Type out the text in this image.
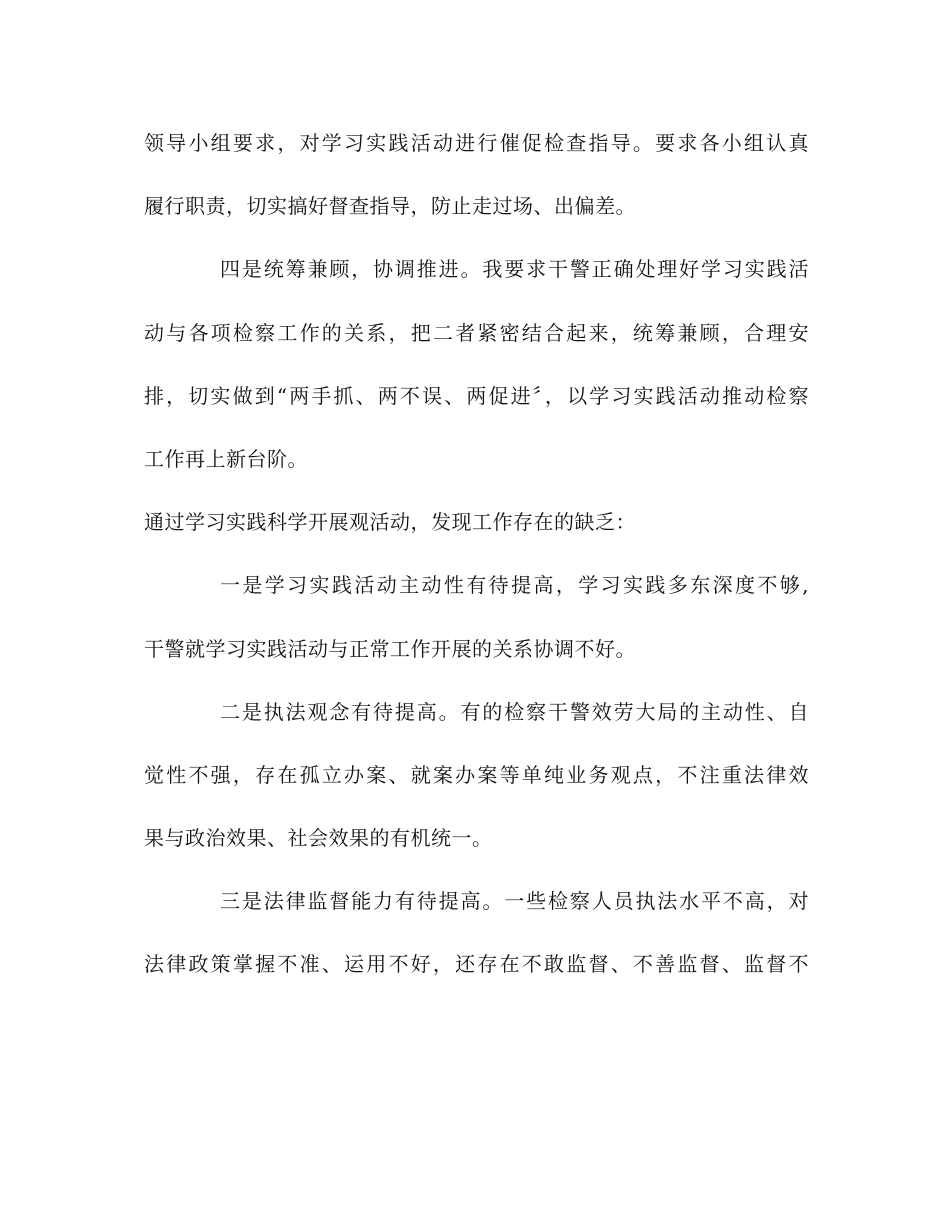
领导小组要求，对学习实践活动进行催促检查指导。要求各小组认真
履行职责，切实搞好督查指导，防止走过场、出偏差。
四是统筹兼顾，协调推进。我要求干警正确处理好学习实践活
动与各项检察工作的关系，把二者紧密结合起来，统筹兼顾，合理安
排，切实做到“两手抓、两不误、两促进〞，以学习实践活动推动检察
工作再上新台阶。
通过学习实践科学开展观活动，发现工作存在的缺乏：
一是学习实践活动主动性有待提高，学习实践多东深度不够,
干警就学习实践活动与正常工作开展的关系协调不好。
二是执法观念有待提高。有的检察干警效劳大局的主动性、自
觉性不强，存在孤立办案、就案办案等单纯业务观点，不注重法律效
果与政治效果、社会效果的有机统一。
三是法律监督能力有待提高。一些检察人员执法水平不高，对
法律政策掌握不准、运用不好，还存在不敢监督、不善监督、监督不
